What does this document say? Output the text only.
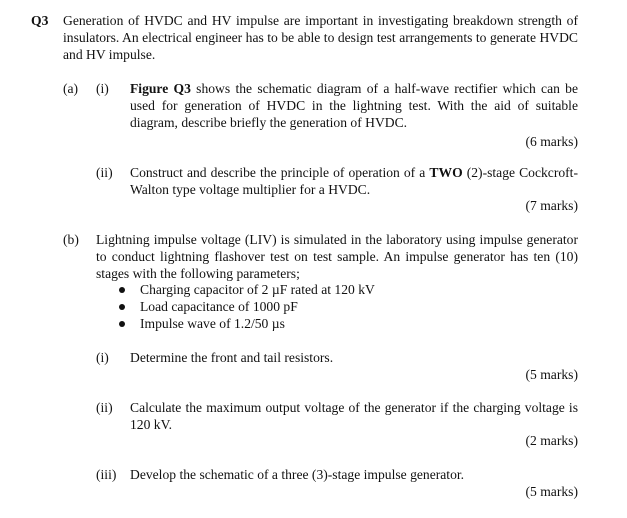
Q3 Generation of HVDC and HV impulse are important in investigating breakdown strength of insulators. An electrical engineer has to be able to design test arrangements to generate HVDC and HV impulse.
(a) (i) Figure Q3 shows the schematic diagram of a half-wave rectifier which can be used for generation of HVDC in the lightning test. With the aid of suitable diagram, describe briefly the generation of HVDC.
(6 marks)
(ii) Construct and describe the principle of operation of a TWO (2)-stage Cockcroft-Walton type voltage multiplier for a HVDC.
(7 marks)
(b) Lightning impulse voltage (LIV) is simulated in the laboratory using impulse generator to conduct lightning flashover test on test sample. An impulse generator has ten (10) stages with the following parameters;
Charging capacitor of 2 µF rated at 120 kV
Load capacitance of 1000 pF
Impulse wave of 1.2/50 µs
(i) Determine the front and tail resistors.
(5 marks)
(ii) Calculate the maximum output voltage of the generator if the charging voltage is 120 kV.
(2 marks)
(iii) Develop the schematic of a three (3)-stage impulse generator.
(5 marks)
